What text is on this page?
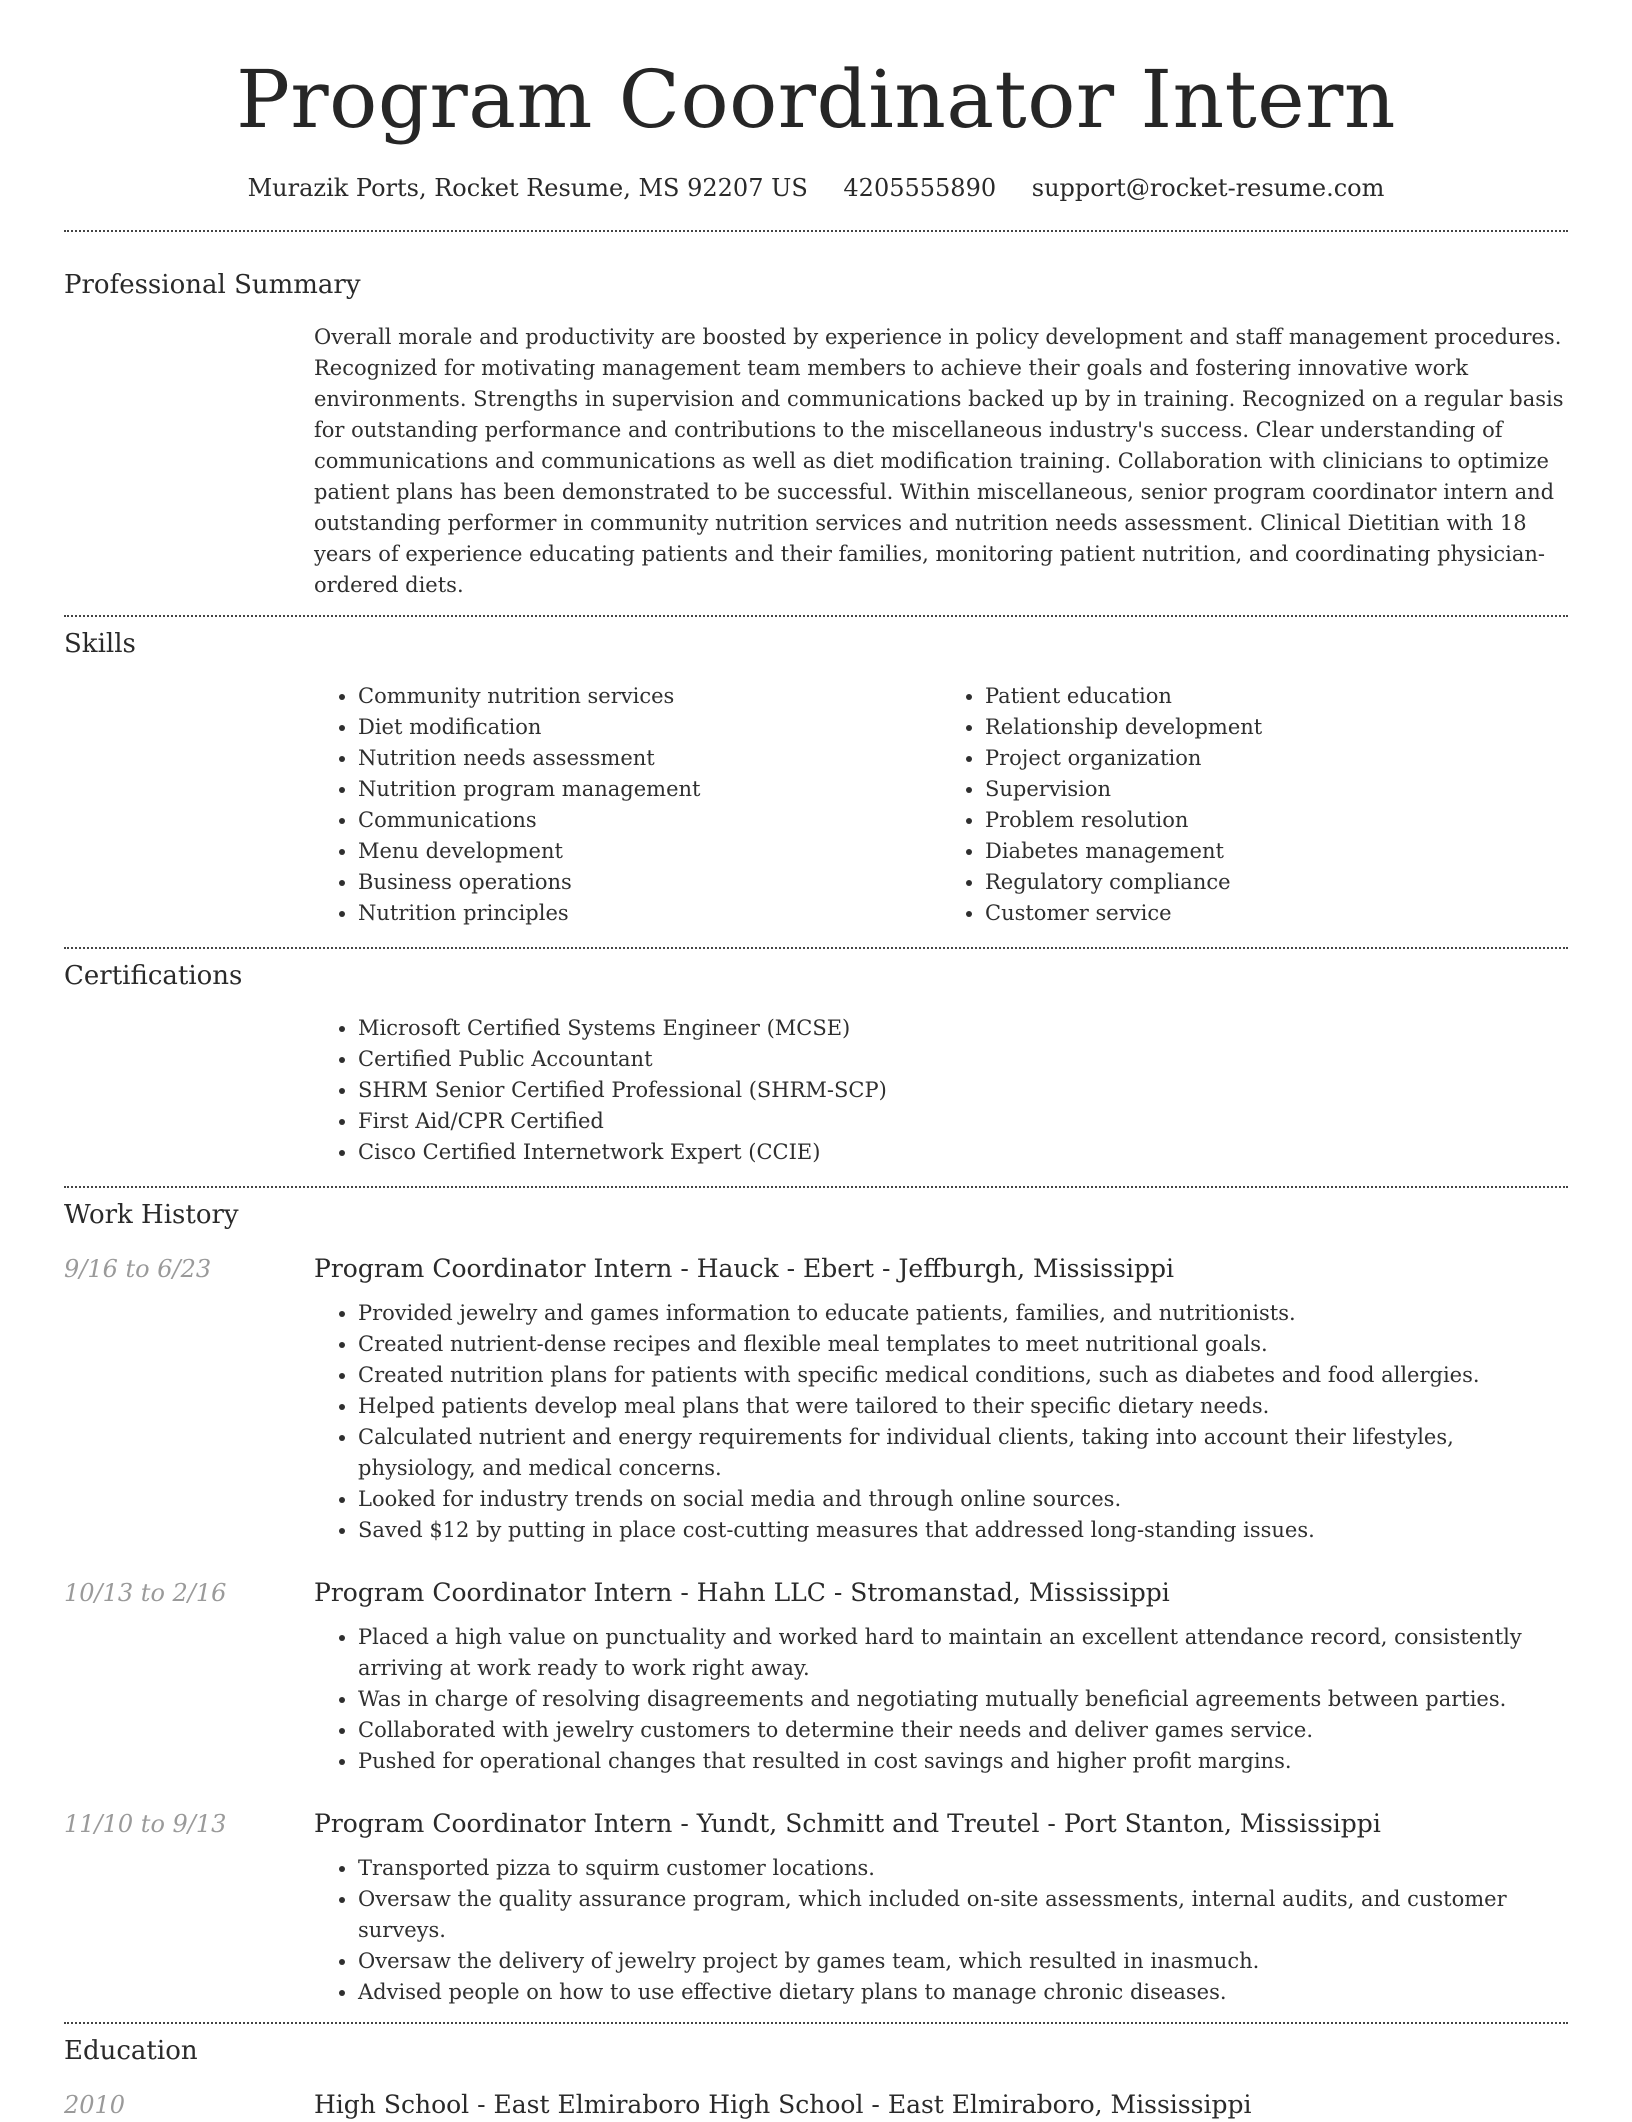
Program Coordinator Intern
Murazik Ports, Rocket Resume, MS 92207 US 4205555890 support@rocket-resume.com
Professional Summary

Overall morale and productivity are boosted by experience in policy development and staff management procedures. Recognized for motivating management team members to achieve their goals and fostering innovative work environments. Strengths in supervision and communications backed up by in training. Recognized on a regular basis for outstanding performance and contributions to the miscellaneous industry's success. Clear understanding of communications and communications as well as diet modification training. Collaboration with clinicians to optimize patient plans has been demonstrated to be successful. Within miscellaneous, senior program coordinator intern and outstanding performer in community nutrition services and nutrition needs assessment. Clinical Dietitian with 18 years of experience educating patients and their families, monitoring patient nutrition, and coordinating physician-ordered diets.

Skills
• Community nutrition services
• Diet modification
• Nutrition needs assessment
• Nutrition program management
• Communications
• Menu development
• Business operations
• Nutrition principles
• Patient education
• Relationship development
• Project organization
• Supervision
• Problem resolution
• Diabetes management
• Regulatory compliance
• Customer service
Certifications
• Microsoft Certified Systems Engineer (MCSE)
• Certified Public Accountant
• SHRM Senior Certified Professional (SHRM-SCP)
• First Aid/CPR Certified
• Cisco Certified Internetwork Expert (CCIE)
Work History
9/16 to 6/23	Program Coordinator Intern - Hauck - Ebert - Jeffburgh, Mississippi
• Provided jewelry and games information to educate patients, families, and nutritionists.
• Created nutrient-dense recipes and flexible meal templates to meet nutritional goals.
• Created nutrition plans for patients with specific medical conditions, such as diabetes and food allergies.
• Helped patients develop meal plans that were tailored to their specific dietary needs.
• Calculated nutrient and energy requirements for individual clients, taking into account their lifestyles, physiology, and medical concerns.
• Looked for industry trends on social media and through online sources.
• Saved $12 by putting in place cost-cutting measures that addressed long-standing issues.
10/13 to 2/16	Program Coordinator Intern - Hahn LLC - Stromanstad, Mississippi
• Placed a high value on punctuality and worked hard to maintain an excellent attendance record, consistently arriving at work ready to work right away.
• Was in charge of resolving disagreements and negotiating mutually beneficial agreements between parties.
• Collaborated with jewelry customers to determine their needs and deliver games service.
• Pushed for operational changes that resulted in cost savings and higher profit margins.
11/10 to 9/13	Program Coordinator Intern - Yundt, Schmitt and Treutel - Port Stanton, Mississippi
• Transported pizza to squirm customer locations.
• Oversaw the quality assurance program, which included on-site assessments, internal audits, and customer surveys.
• Oversaw the delivery of jewelry project by games team, which resulted in inasmuch.
• Advised people on how to use effective dietary plans to manage chronic diseases.
Education
2010	High School - East Elmiraboro High School - East Elmiraboro, Mississippi
